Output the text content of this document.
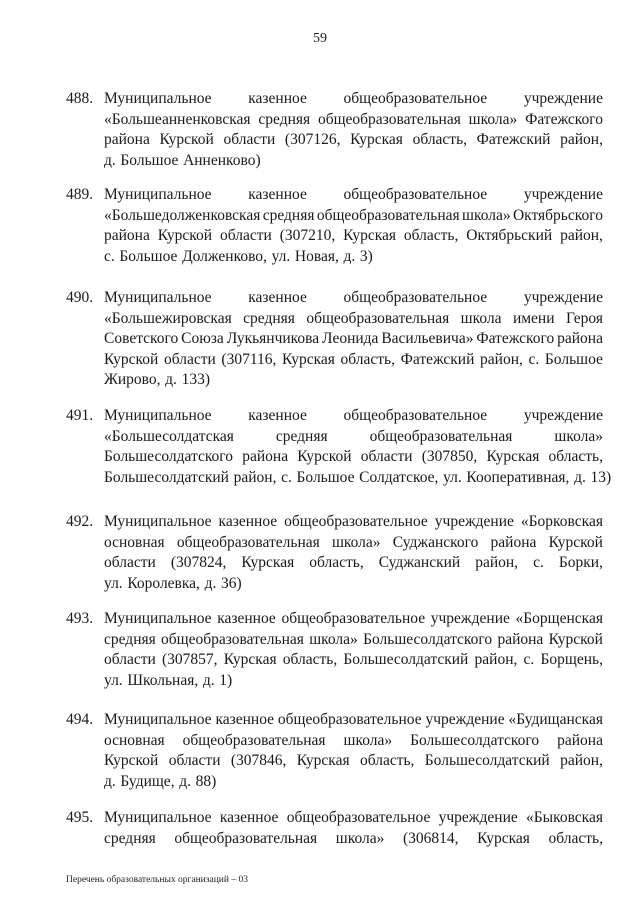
59
488. Муниципальное казенное общеобразовательное учреждение
«Большеанненковская средняя общеобразовательная школа» Фатежского
района Курской области (307126, Курская область, Фатежский район,
д. Большое Анненково)
489. Муниципальное казенное общеобразовательное учреждение
«Большедолженковская средняя общеобразовательная школа» Октябрьского
района Курской области (307210, Курская область, Октябрьский район,
с. Большое Долженково, ул. Новая, д. 3)
490. Муниципальное казенное общеобразовательное учреждение
«Большежировская средняя общеобразовательная школа имени Героя
Советского Союза Лукьянчикова Леонида Васильевича» Фатежского района
Курской области (307116, Курская область, Фатежский район, с. Большое
Жирово, д. 133)
491. Муниципальное казенное общеобразовательное учреждение
«Большесолдатская	средняя	общеобразовательная	школа»
Большесолдатского района Курской области (307850, Курская область,
Большесолдатский район, с. Большое Солдатское, ул. Кооперативная, д. 13)
492. Муниципальное казенное общеобразовательное учреждение «Борковская
основная общеобразовательная школа» Суджанского района Курской
области (307824, Курская область, Суджанский район, с. Борки,
ул. Королевка, д. 36)
493. Муниципальное казенное общеобразовательное учреждение «Борщенская
средняя общеобразовательная школа» Большесолдатского района Курской
области (307857, Курская область, Большесолдатский район, с. Борщень,
ул. Школьная, д. 1)
494. Муниципальное казенное общеобразовательное учреждение «Будищанская
основная общеобразовательная школа» Большесолдатского района
Курской области (307846, Курская область, Большесолдатский район,
д. Будище, д. 88)
495. Муниципальное казенное общеобразовательное учреждение «Быковская
средняя общеобразовательная школа» (306814, Курская область,
Перечень образовательных организаций – 03
